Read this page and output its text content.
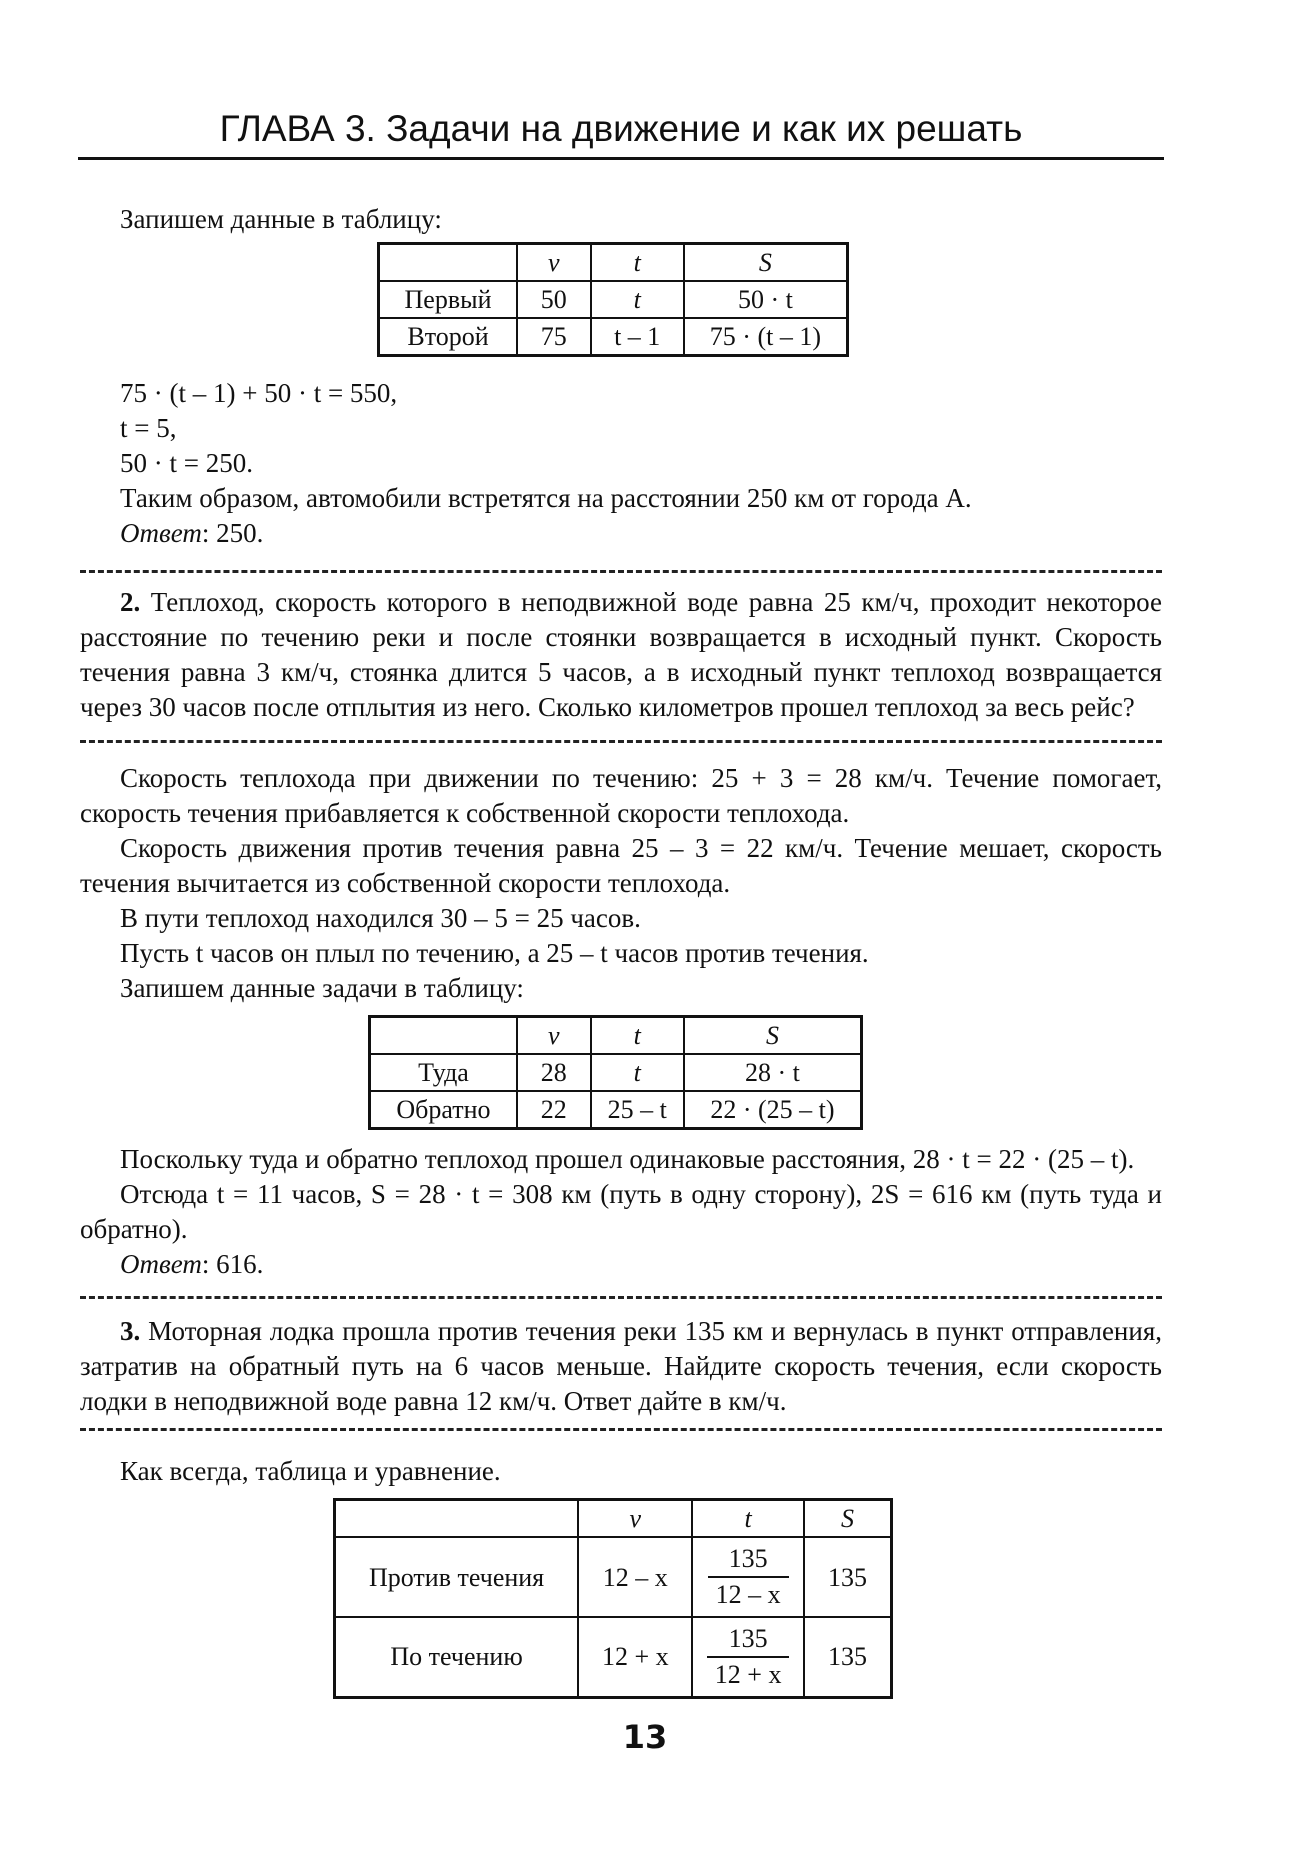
ГЛАВА 3. Задачи на движение и как их решать

Запишем данные в таблицу:

	v	t	S
Первый	50	t	50 · t
Второй	75	t – 1	75 · (t – 1)

75 · (t – 1) + 50 · t = 550,

t = 5,

50 · t = 250.

Таким образом, автомобили встретятся на расстоянии 250 км от города A.

Ответ: 250.

2. Теплоход, скорость которого в неподвижной воде равна 25 км/ч, проходит некоторое расстояние по течению реки и после стоянки возвращается в исходный пункт. Скорость течения равна 3 км/ч, стоянка длится 5 часов, а в исходный пункт теплоход возвращается через 30 часов после отплытия из него. Сколько километров прошел теплоход за весь рейс?

Скорость теплохода при движении по течению: 25 + 3 = 28 км/ч. Течение помогает, скорость течения прибавляется к собственной скорости теплохода.

Скорость движения против течения равна 25 – 3 = 22 км/ч. Течение мешает, скорость течения вычитается из собственной скорости теплохода.

В пути теплоход находился 30 – 5 = 25 часов.

Пусть t часов он плыл по течению, а 25 – t часов против течения.

Запишем данные задачи в таблицу:

	v	t	S
Туда	28	t	28 · t
Обратно	22	25 – t	22 · (25 – t)

Поскольку туда и обратно теплоход прошел одинаковые расстояния, 28 · t = 22 · (25 – t).

Отсюда t = 11 часов, S = 28 · t = 308 км (путь в одну сторону), 2S = 616 км (путь туда и обратно).

Ответ: 616.

3. Моторная лодка прошла против течения реки 135 км и вернулась в пункт отправления, затратив на обратный путь на 6 часов меньше. Найдите скорость течения, если скорость лодки в неподвижной воде равна 12 км/ч. Ответ дайте в км/ч.

Как всегда, таблица и уравнение.

	v	t	S
Против течения	12 – x	$\frac{135}{12 - x}$	135
По течению	12 + x	$\frac{135}{12 + x}$	135
13
